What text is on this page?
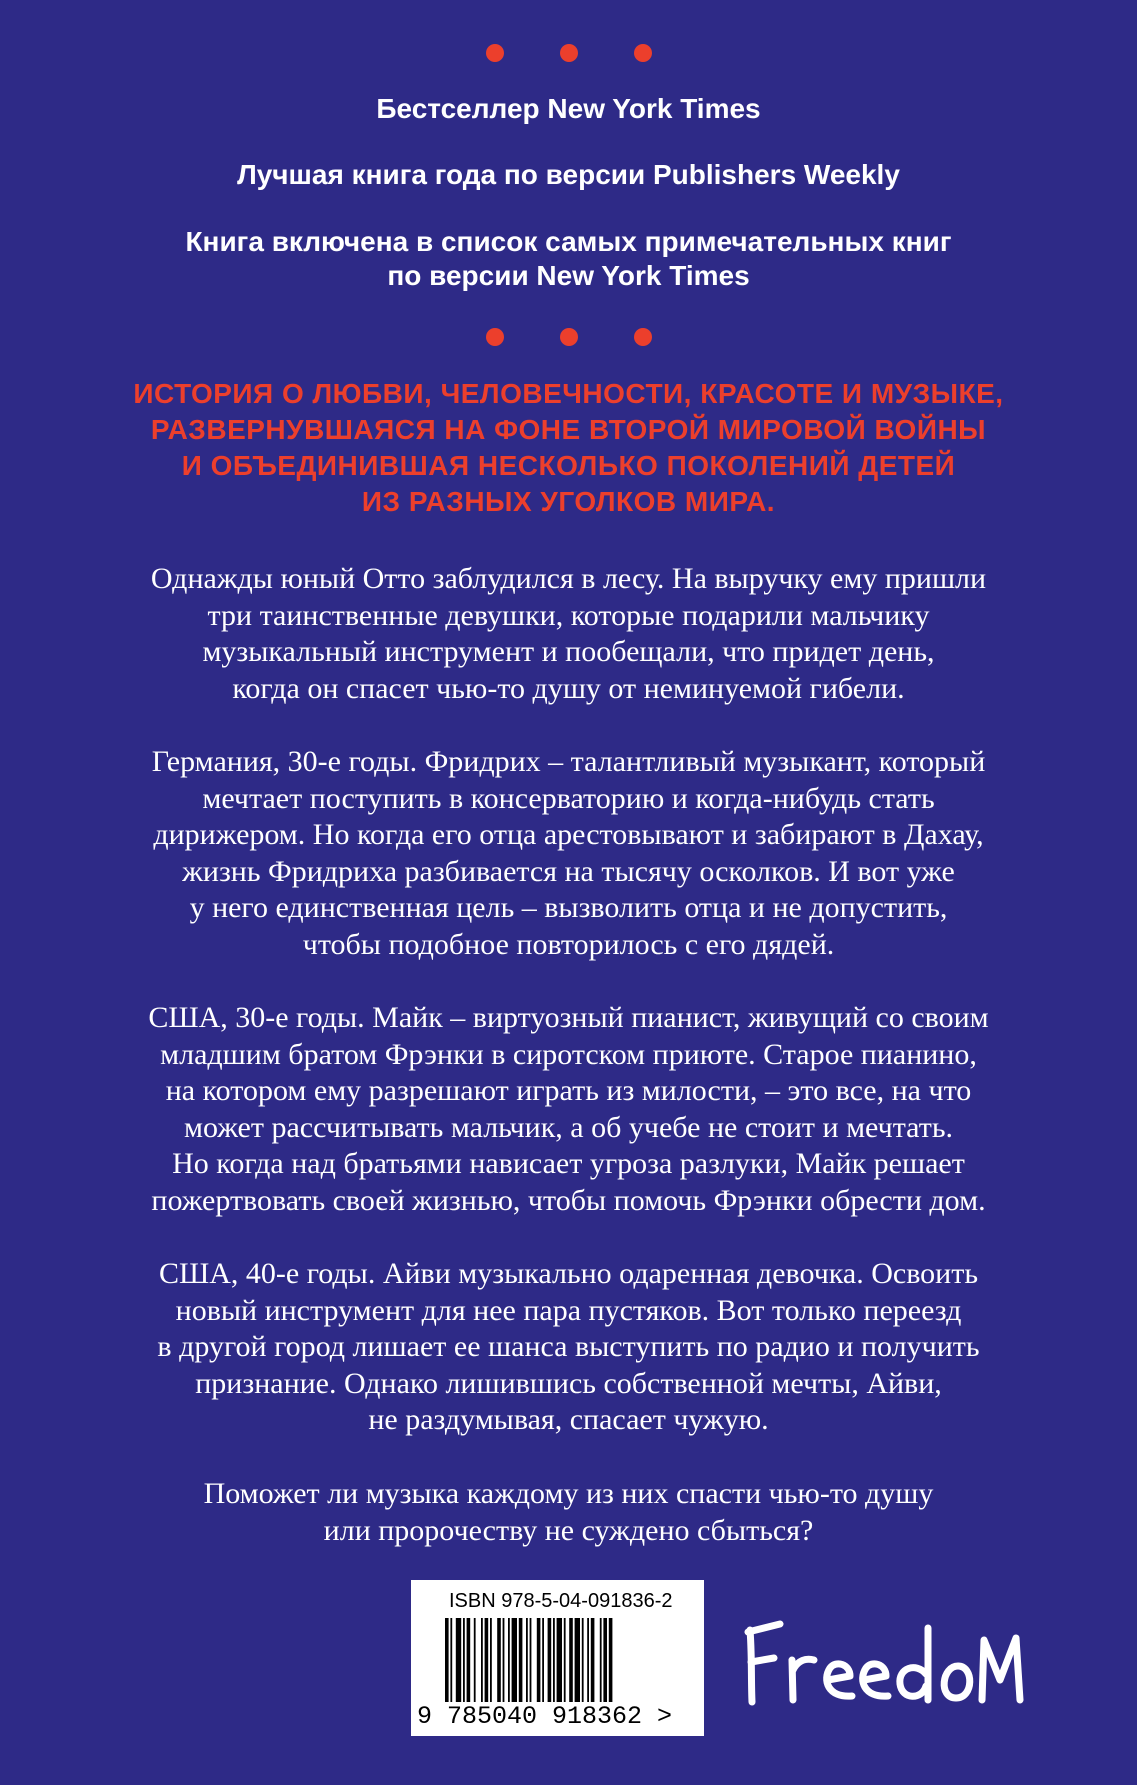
Бестселлер New York Times
Лучшая книга года по версии Publishers Weekly
Книга включена в список самых примечательных книг
по версии New York Times
ИСТОРИЯ О ЛЮБВИ, ЧЕЛОВЕЧНОСТИ, КРАСОТЕ И МУЗЫКЕ,
РАЗВЕРНУВШАЯСЯ НА ФОНЕ ВТОРОЙ МИРОВОЙ ВОЙНЫ
И ОБЪЕДИНИВШАЯ НЕСКОЛЬКО ПОКОЛЕНИЙ ДЕТЕЙ
ИЗ РАЗНЫХ УГОЛКОВ МИРА.
Однажды юный Отто заблудился в лесу. На выручку ему пришли
три таинственные девушки, которые подарили мальчику
музыкальный инструмент и пообещали, что придет день,
когда он спасет чью-то душу от неминуемой гибели.
Германия, 30-е годы. Фридрих – талантливый музыкант, который
мечтает поступить в консерваторию и когда-нибудь стать
дирижером. Но когда его отца арестовывают и забирают в Дахау,
жизнь Фридриха разбивается на тысячу осколков. И вот уже
у него единственная цель – вызволить отца и не допустить,
чтобы подобное повторилось с его дядей.
США, 30-е годы. Майк – виртуозный пианист, живущий со своим
младшим братом Фрэнки в сиротском приюте. Старое пианино,
на котором ему разрешают играть из милости, – это все, на что
может рассчитывать мальчик, а об учебе не стоит и мечтать.
Но когда над братьями нависает угроза разлуки, Майк решает
пожертвовать своей жизнью, чтобы помочь Фрэнки обрести дом.
США, 40-е годы. Айви музыкально одаренная девочка. Освоить
новый инструмент для нее пара пустяков. Вот только переезд
в другой город лишает ее шанса выступить по радио и получить
признание. Однако лишившись собственной мечты, Айви,
не раздумывая, спасает чужую.
Поможет ли музыка каждому из них спасти чью-то душу
или пророчеству не суждено сбыться?
ISBN 978-5-04-091836-2
9 785040 918362 >
